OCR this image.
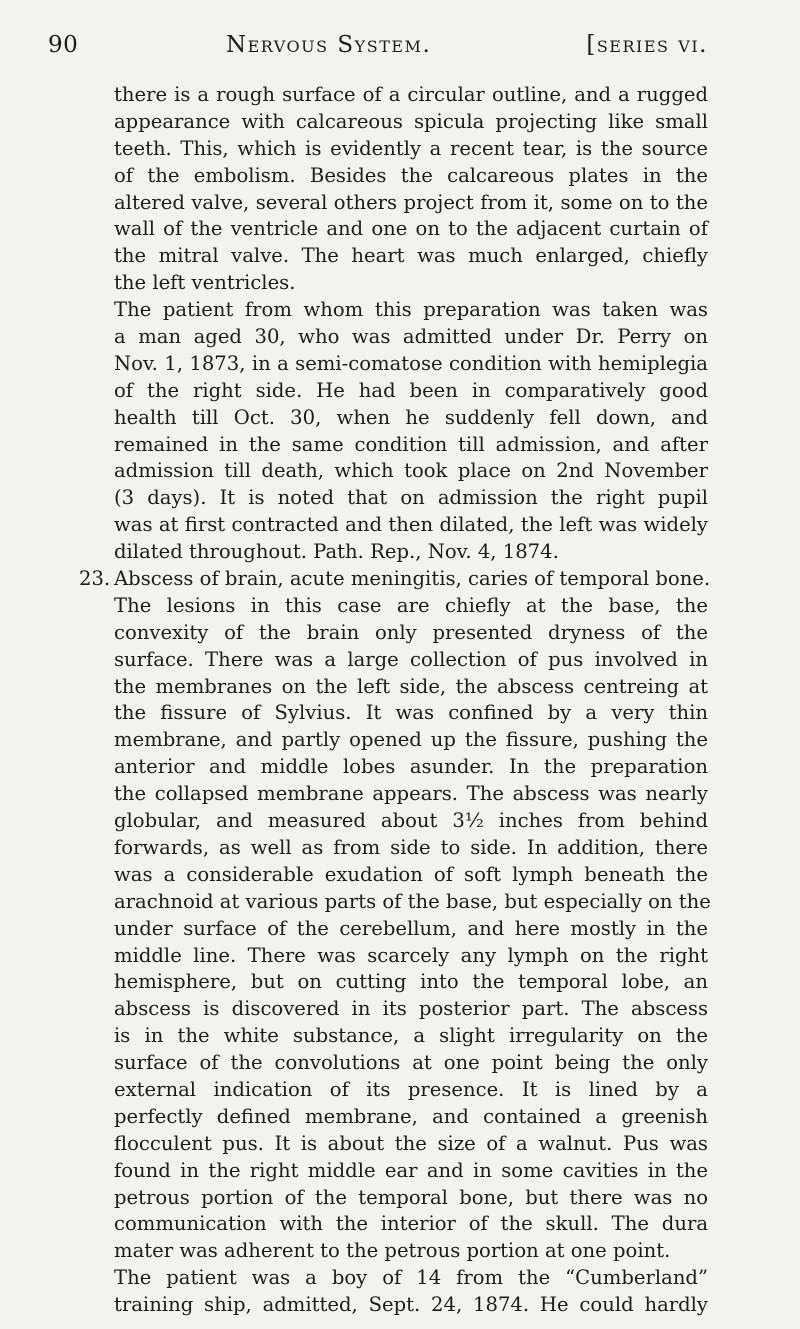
90	Nervous System.	[series vi.
there is a rough surface of a circular outline, and a rugged
appearance with calcareous spicula projecting like small
teeth. This, which is evidently a recent tear, is the source
of the embolism. Besides the calcareous plates in the
altered valve, several others project from it, some on to the
wall of the ventricle and one on to the adjacent curtain of
the mitral valve. The heart was much enlarged, chiefly
the left ventricles.
The patient from whom this preparation was taken was
a man aged 30, who was admitted under Dr. Perry on
Nov. 1, 1873, in a semi-comatose condition with hemiplegia
of the right side. He had been in comparatively good
health till Oct. 30, when he suddenly fell down, and
remained in the same condition till admission, and after
admission till death, which took place on 2nd November
(3 days). It is noted that on admission the right pupil
was at first contracted and then dilated, the left was widely
dilated throughout. Path. Rep., Nov. 4, 1874.
23. Abscess of brain, acute meningitis, caries of temporal bone.
The lesions in this case are chiefly at the base, the
convexity of the brain only presented dryness of the
surface. There was a large collection of pus involved in
the membranes on the left side, the abscess centreing at
the fissure of Sylvius. It was confined by a very thin
membrane, and partly opened up the fissure, pushing the
anterior and middle lobes asunder. In the preparation
the collapsed membrane appears. The abscess was nearly
globular, and measured about 3½ inches from behind
forwards, as well as from side to side. In addition, there
was a considerable exudation of soft lymph beneath the
arachnoid at various parts of the base, but especially on the
under surface of the cerebellum, and here mostly in the
middle line. There was scarcely any lymph on the right
hemisphere, but on cutting into the temporal lobe, an
abscess is discovered in its posterior part. The abscess
is in the white substance, a slight irregularity on the
surface of the convolutions at one point being the only
external indication of its presence. It is lined by a
perfectly defined membrane, and contained a greenish
flocculent pus. It is about the size of a walnut. Pus was
found in the right middle ear and in some cavities in the
petrous portion of the temporal bone, but there was no
communication with the interior of the skull. The dura
mater was adherent to the petrous portion at one point.
The patient was a boy of 14 from the “Cumberland”
training ship, admitted, Sept. 24, 1874. He could hardly
